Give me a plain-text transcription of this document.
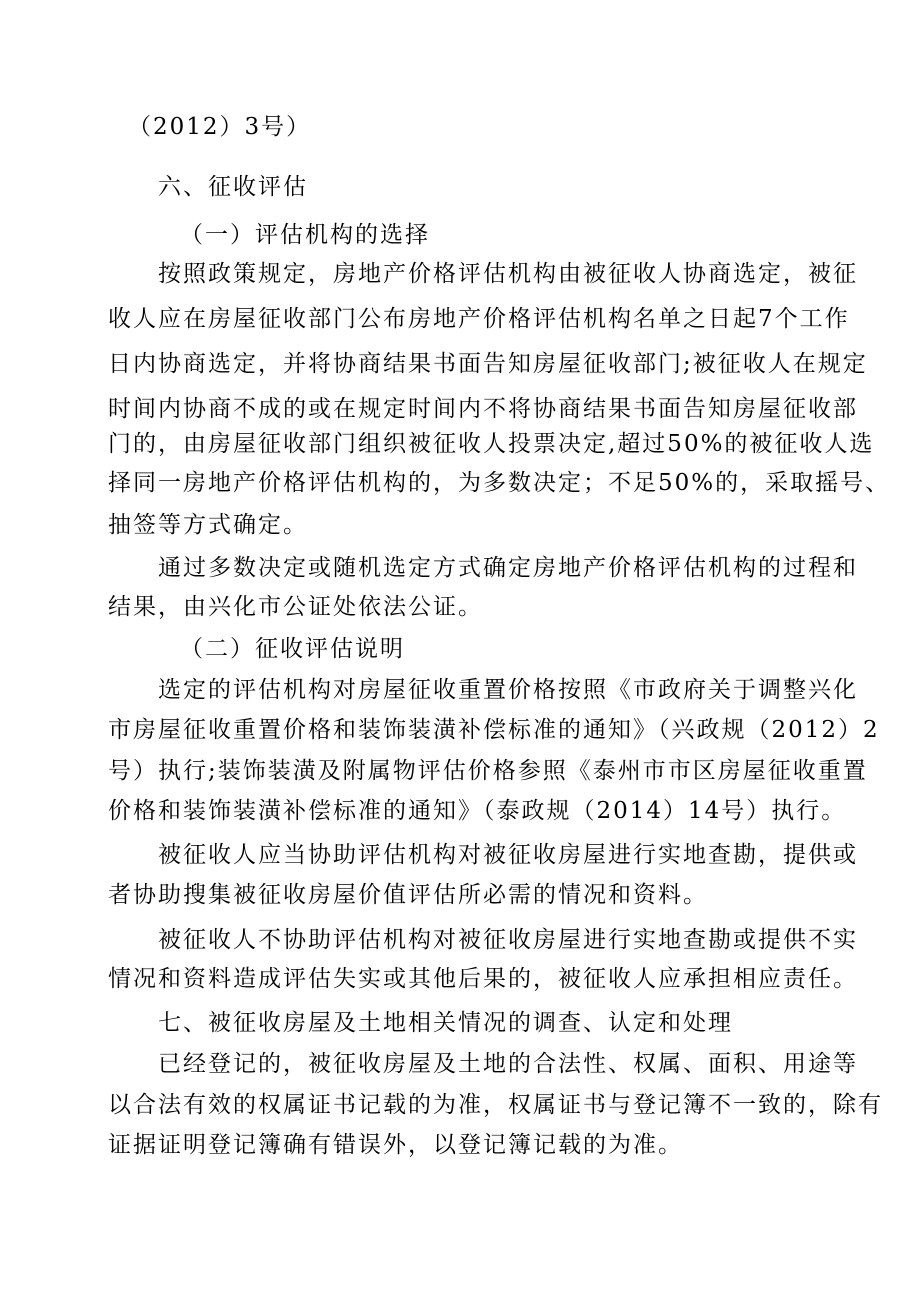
（2012）3号）
六、征收评估
（一）评估机构的选择
按照政策规定，房地产价格评估机构由被征收人协商选定，被征
收人应在房屋征收部门公布房地产价格评估机构名单之日起7个工作
日内协商选定，并将协商结果书面告知房屋征收部门;被征收人在规定
时间内协商不成的或在规定时间内不将协商结果书面告知房屋征收部
门的，由房屋征收部门组织被征收人投票决定,超过50%的被征收人选
择同一房地产价格评估机构的，为多数决定；不足50%的，采取摇号、
抽签等方式确定。
通过多数决定或随机选定方式确定房地产价格评估机构的过程和
结果，由兴化市公证处依法公证。
（二）征收评估说明
选定的评估机构对房屋征收重置价格按照《市政府关于调整兴化
市房屋征收重置价格和装饰装潢补偿标准的通知》（兴政规（2012）2
号）执行;装饰装潢及附属物评估价格参照《泰州市市区房屋征收重置
价格和装饰装潢补偿标准的通知》（泰政规（2014）14号）执行。
被征收人应当协助评估机构对被征收房屋进行实地查勘，提供或
者协助搜集被征收房屋价值评估所必需的情况和资料。
被征收人不协助评估机构对被征收房屋进行实地查勘或提供不实
情况和资料造成评估失实或其他后果的，被征收人应承担相应责任。
七、被征收房屋及土地相关情况的调查、认定和处理
已经登记的，被征收房屋及土地的合法性、权属、面积、用途等
以合法有效的权属证书记载的为准，权属证书与登记簿不一致的，除有
证据证明登记簿确有错误外，以登记簿记载的为准。
